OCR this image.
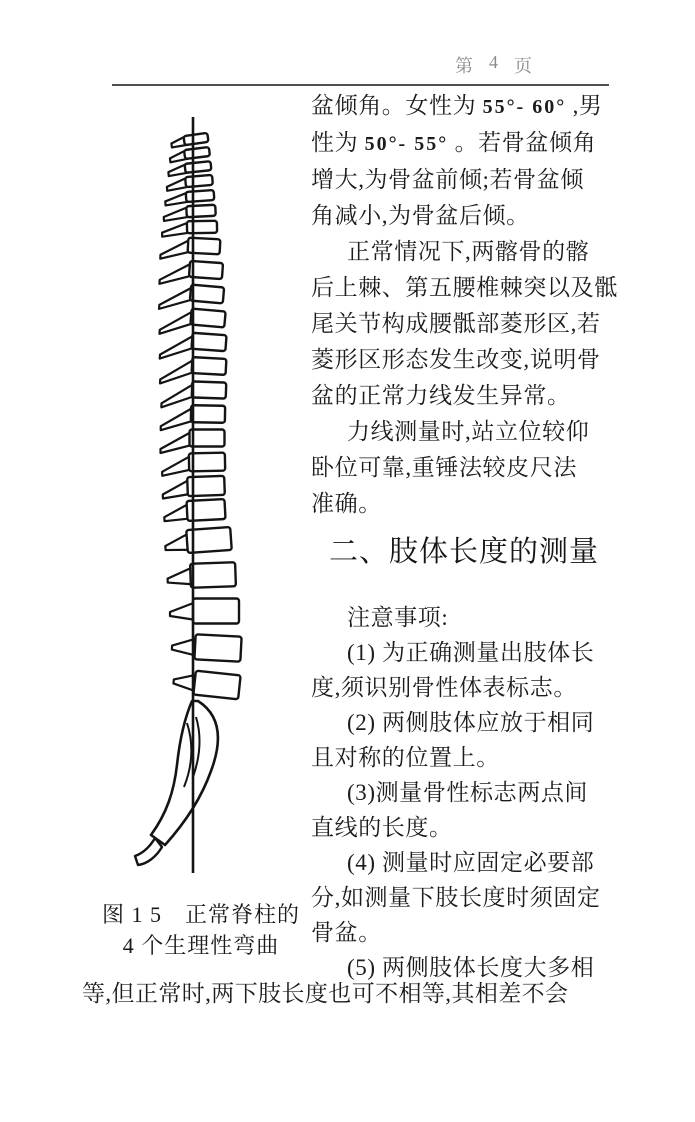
第 4 页
图 1 5　正常脊柱的
4 个生理性弯曲
盆倾角。女性为 55°- 60° ,男
性为 50°- 55° 。若骨盆倾角
增大,为骨盆前倾;若骨盆倾
角减小,为骨盆后倾。
正常情况下,两髂骨的髂
后上棘、第五腰椎棘突以及骶
尾关节构成腰骶部菱形区,若
菱形区形态发生改变,说明骨
盆的正常力线发生异常。
力线测量时,站立位较仰
卧位可靠,重锤法较皮尺法
准确。
二、肢体长度的测量
注意事项:
(1) 为正确测量出肢体长
度,须识别骨性体表标志。
(2) 两侧肢体应放于相同
且对称的位置上。
(3)测量骨性标志两点间
直线的长度。
(4) 测量时应固定必要部
分,如测量下肢长度时须固定
骨盆。
(5) 两侧肢体长度大多相
等,但正常时,两下肢长度也可不相等,其相差不会
